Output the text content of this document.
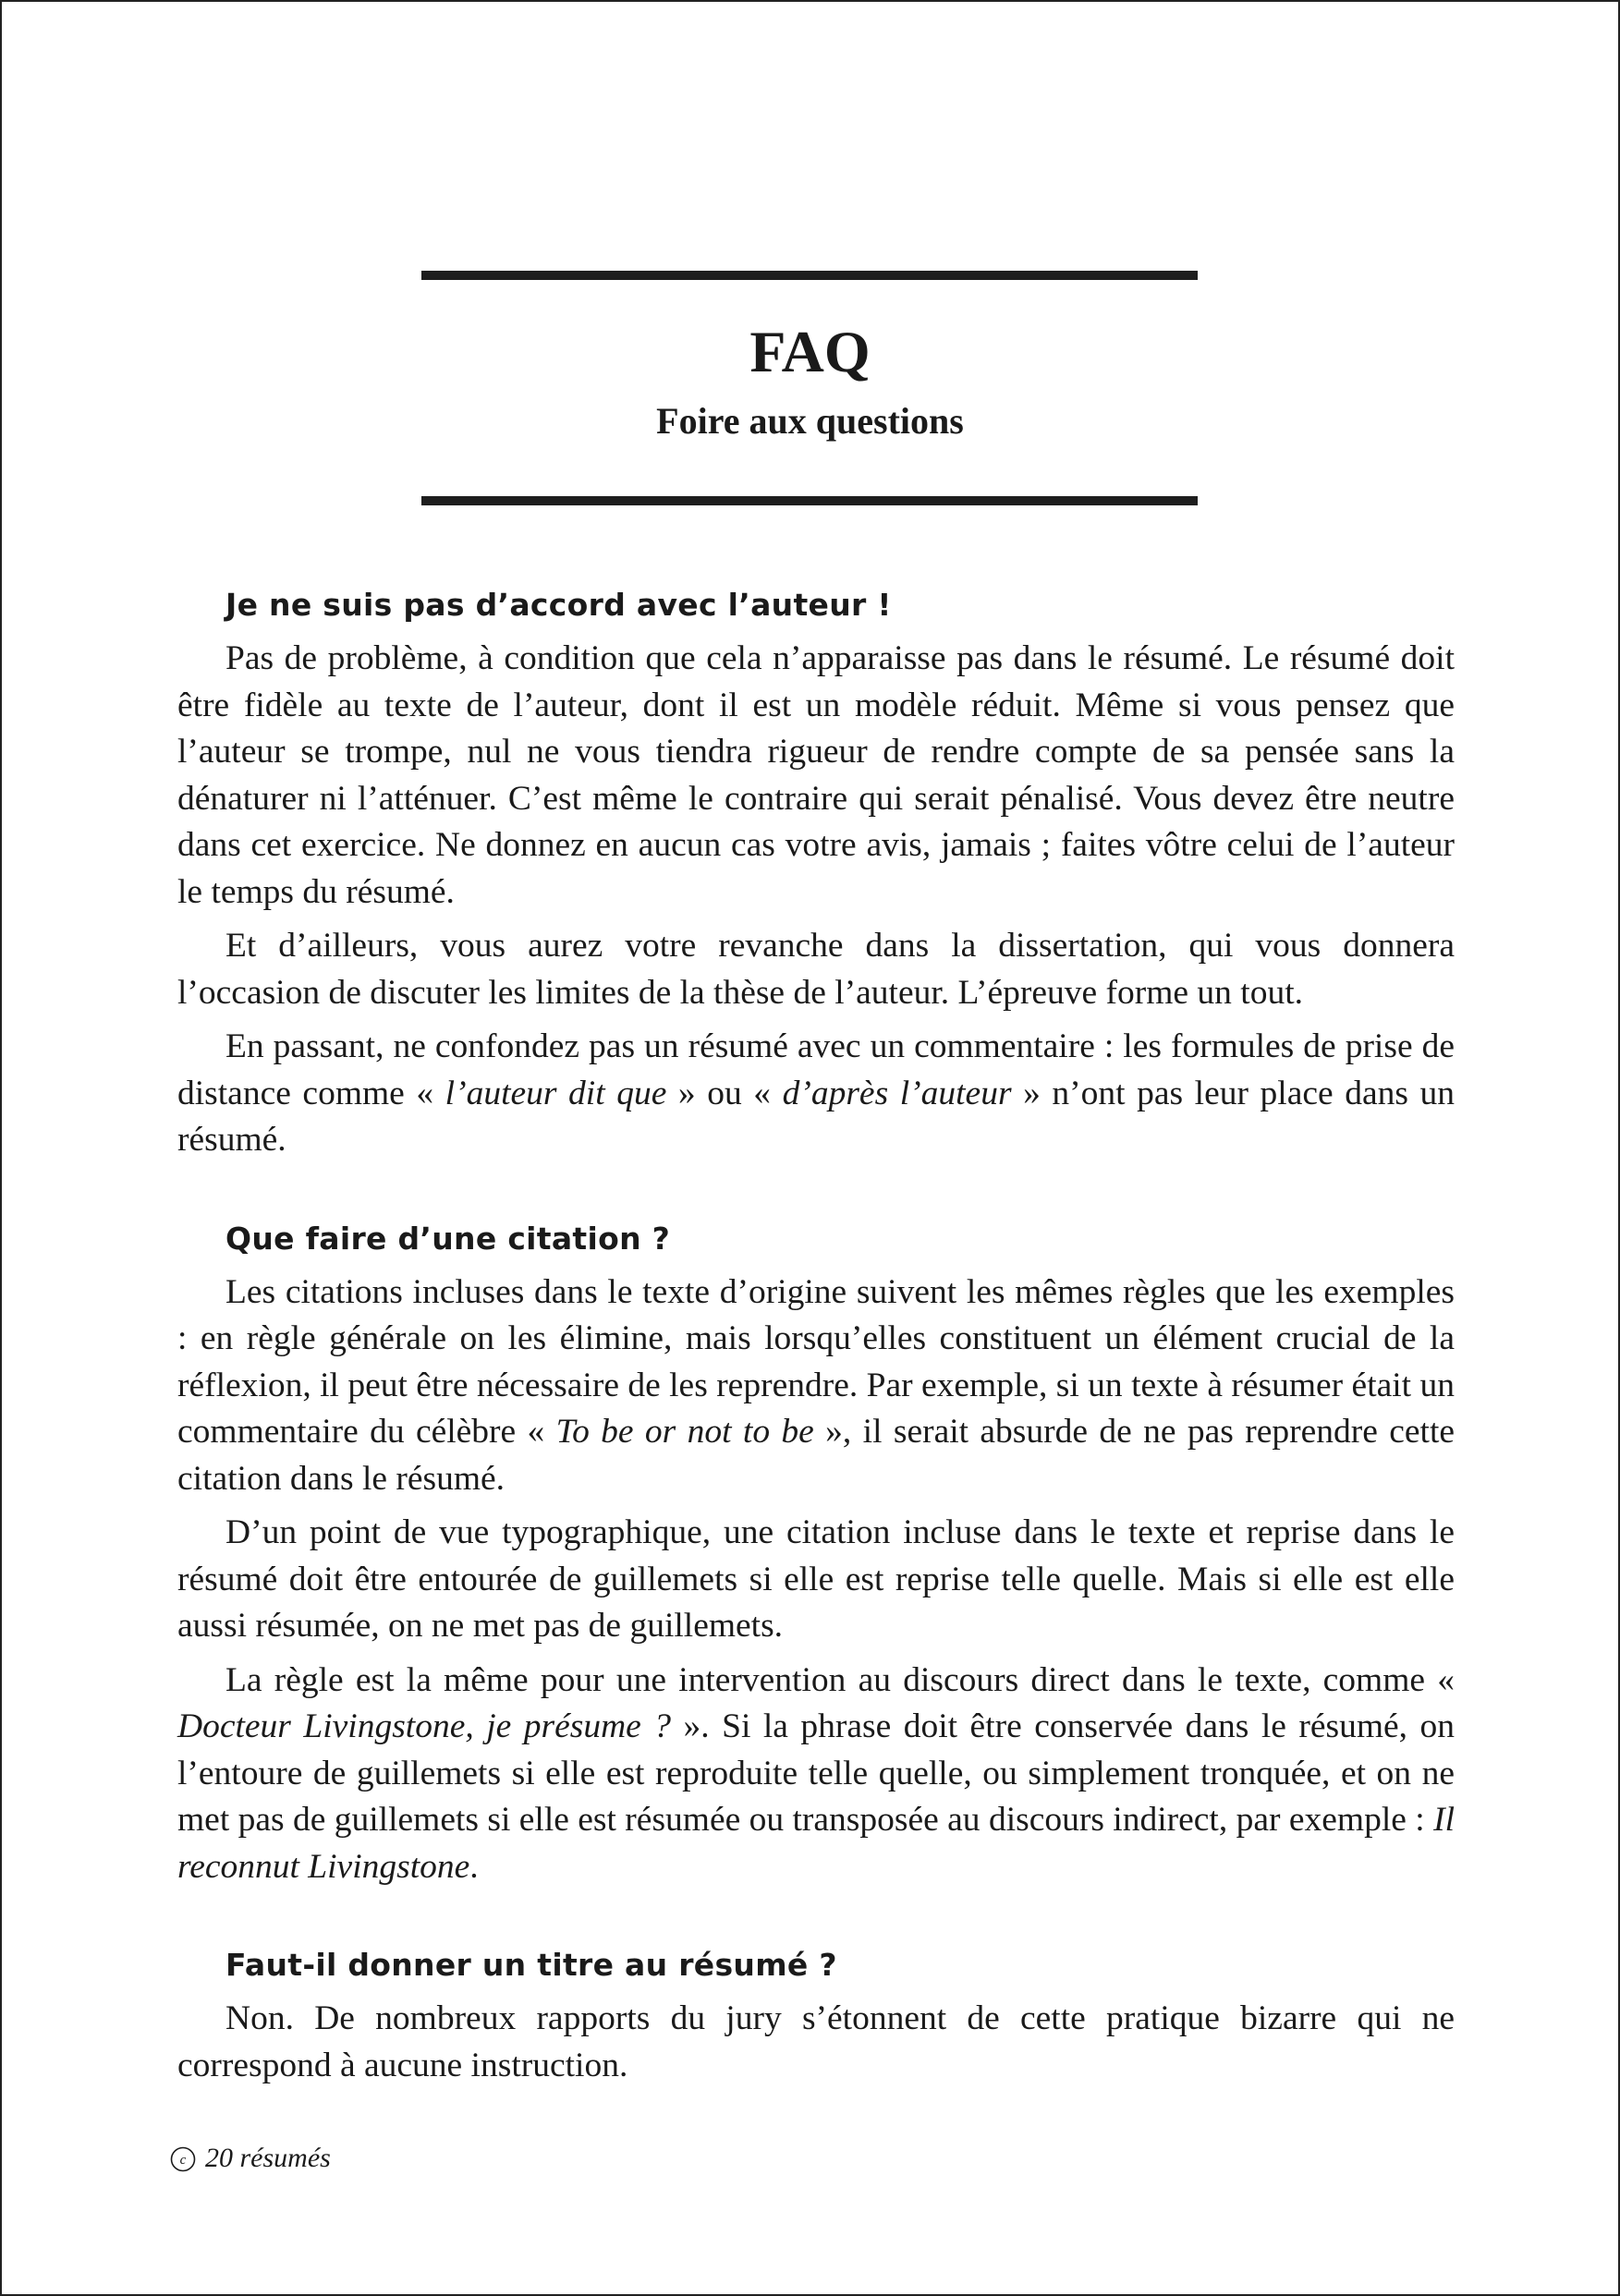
FAQ
Foire aux questions
Je ne suis pas d’accord avec l’auteur !

Pas de problème, à condition que cela n’apparaisse pas dans le résumé. Le résumé doit être fidèle au texte de l’auteur, dont il est un modèle réduit. Même si vous pensez que l’auteur se trompe, nul ne vous tiendra rigueur de rendre compte de sa pensée sans la dénaturer ni l’atténuer. C’est même le contraire qui serait pénalisé. Vous devez être neutre dans cet exercice. Ne donnez en aucun cas votre avis, jamais ; faites vôtre celui de l’auteur le temps du résumé.

Et d’ailleurs, vous aurez votre revanche dans la dissertation, qui vous donnera l’occasion de discuter les limites de la thèse de l’auteur. L’épreuve forme un tout.

En passant, ne confondez pas un résumé avec un commentaire : les formules de prise de distance comme « l’auteur dit que » ou « d’après l’auteur » n’ont pas leur place dans un résumé.

Que faire d’une citation ?

Les citations incluses dans le texte d’origine suivent les mêmes règles que les exemples : en règle générale on les élimine, mais lorsqu’elles constituent un élément crucial de la réflexion, il peut être nécessaire de les reprendre. Par exemple, si un texte à résumer était un commentaire du célèbre « To be or not to be », il serait absurde de ne pas reprendre cette citation dans le résumé.

D’un point de vue typographique, une citation incluse dans le texte et reprise dans le résumé doit être entourée de guillemets si elle est reprise telle quelle. Mais si elle est elle aussi résumée, on ne met pas de guillemets.

La règle est la même pour une intervention au discours direct dans le texte, comme « Docteur Livingstone, je présume ? ». Si la phrase doit être conservée dans le résumé, on l’entoure de guillemets si elle est reproduite telle quelle, ou simplement tronquée, et on ne met pas de guillemets si elle est résumée ou transposée au discours indirect, par exemple : Il reconnut Livingstone.

Faut-il donner un titre au résumé ?

Non. De nombreux rapports du jury s’étonnent de cette pratique bizarre qui ne correspond à aucune instruction.

c 20 résumés
